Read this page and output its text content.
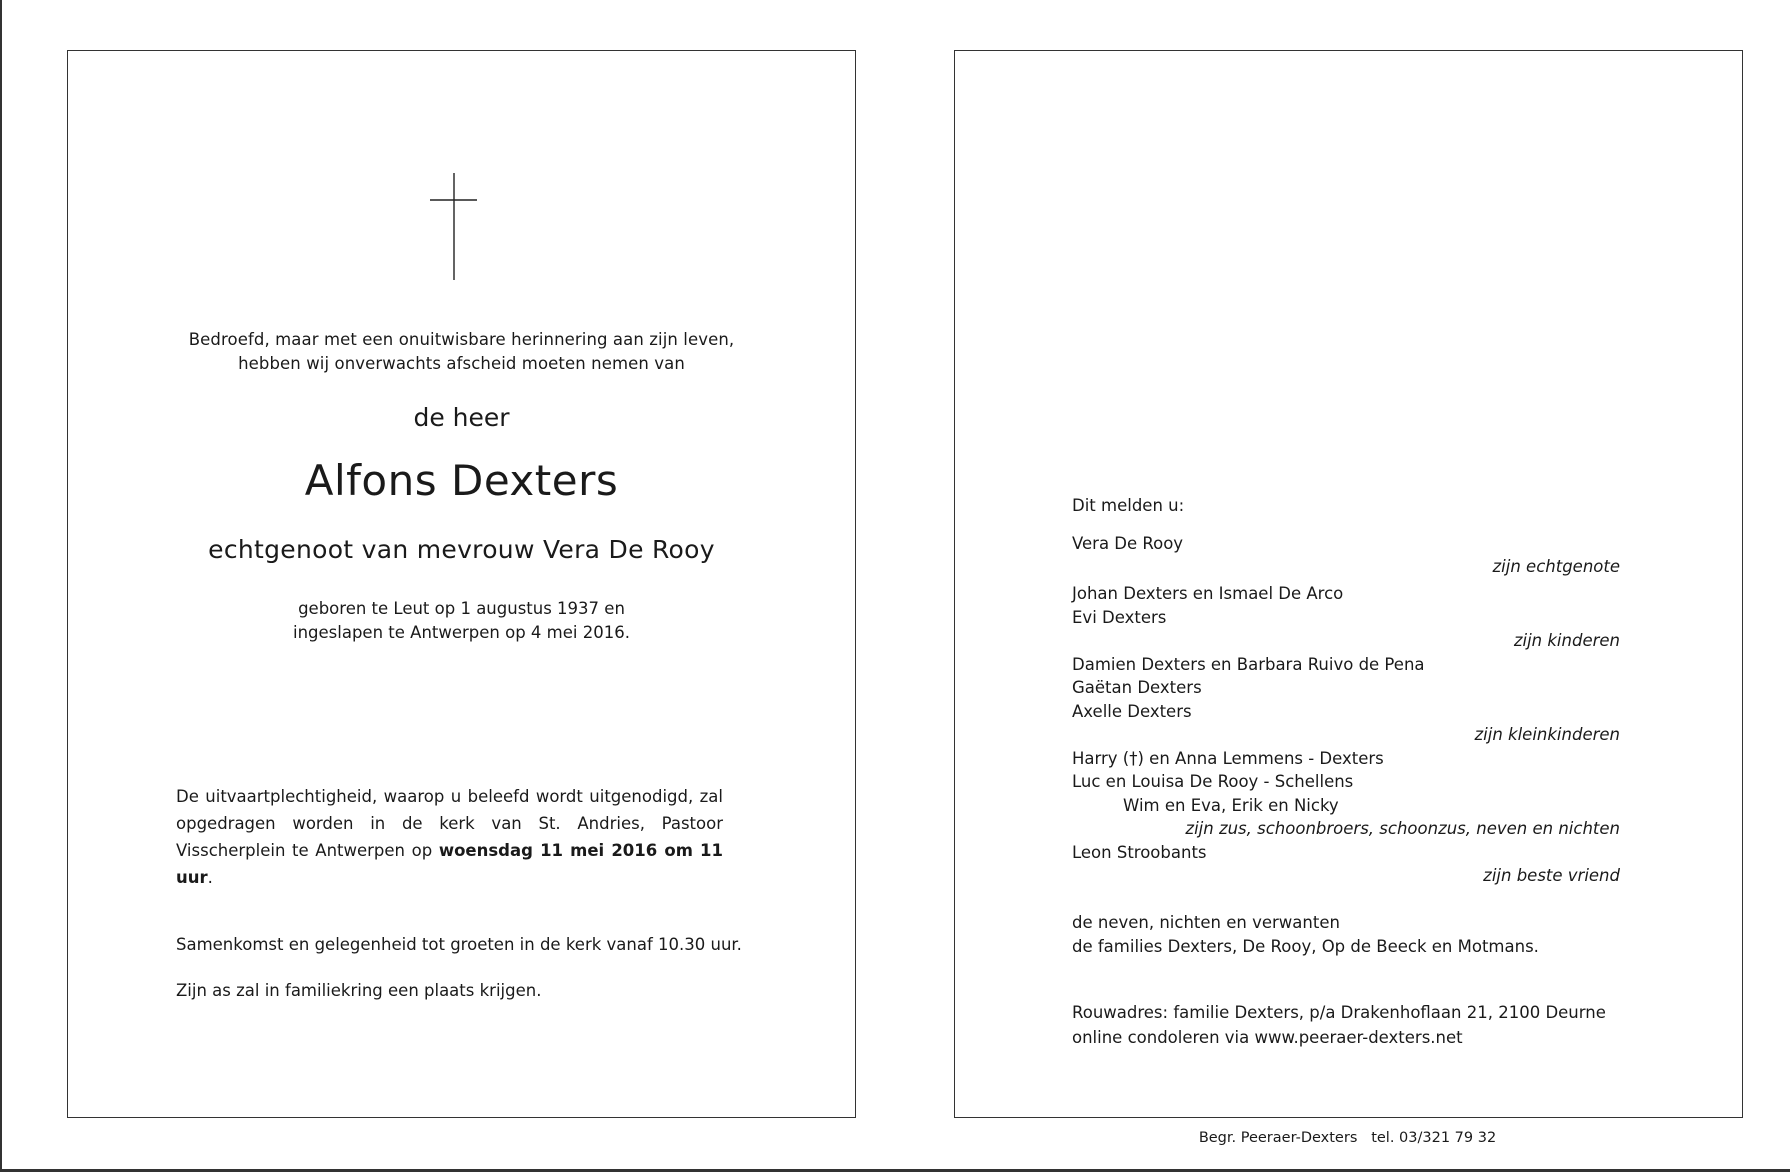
Bedroefd, maar met een onuitwisbare herinnering aan zijn leven,
hebben wij onverwachts afscheid moeten nemen van
de heer
Alfons Dexters
echtgenoot van mevrouw Vera De Rooy
geboren te Leut op 1 augustus 1937 en
ingeslapen te Antwerpen op 4 mei 2016.
De uitvaartplechtigheid, waarop u beleefd wordt uitgenodigd, zal opgedragen worden in de kerk van St. Andries, Pastoor Visscherplein te Antwerpen op woensdag 11 mei 2016 om 11 uur.
Samenkomst en gelegenheid tot groeten in de kerk vanaf 10.30 uur.
Zijn as zal in familiekring een plaats krijgen.
Dit melden u:
Vera De Rooy
zijn echtgenote
Johan Dexters en Ismael De Arco
Evi Dexters
zijn kinderen
Damien Dexters en Barbara Ruivo de Pena
Gaëtan Dexters
Axelle Dexters
zijn kleinkinderen
Harry (†) en Anna Lemmens - Dexters
Luc en Louisa De Rooy - Schellens
Wim en Eva, Erik en Nicky
zijn zus, schoonbroers, schoonzus, neven en nichten
Leon Stroobants
zijn beste vriend
de neven, nichten en verwanten
de families Dexters, De Rooy, Op de Beeck en Motmans.
Rouwadres: familie Dexters, p/a Drakenhoflaan 21, 2100 Deurne
online condoleren via www.peeraer-dexters.net
Begr. Peeraer-Dexters   tel. 03/321 79 32
